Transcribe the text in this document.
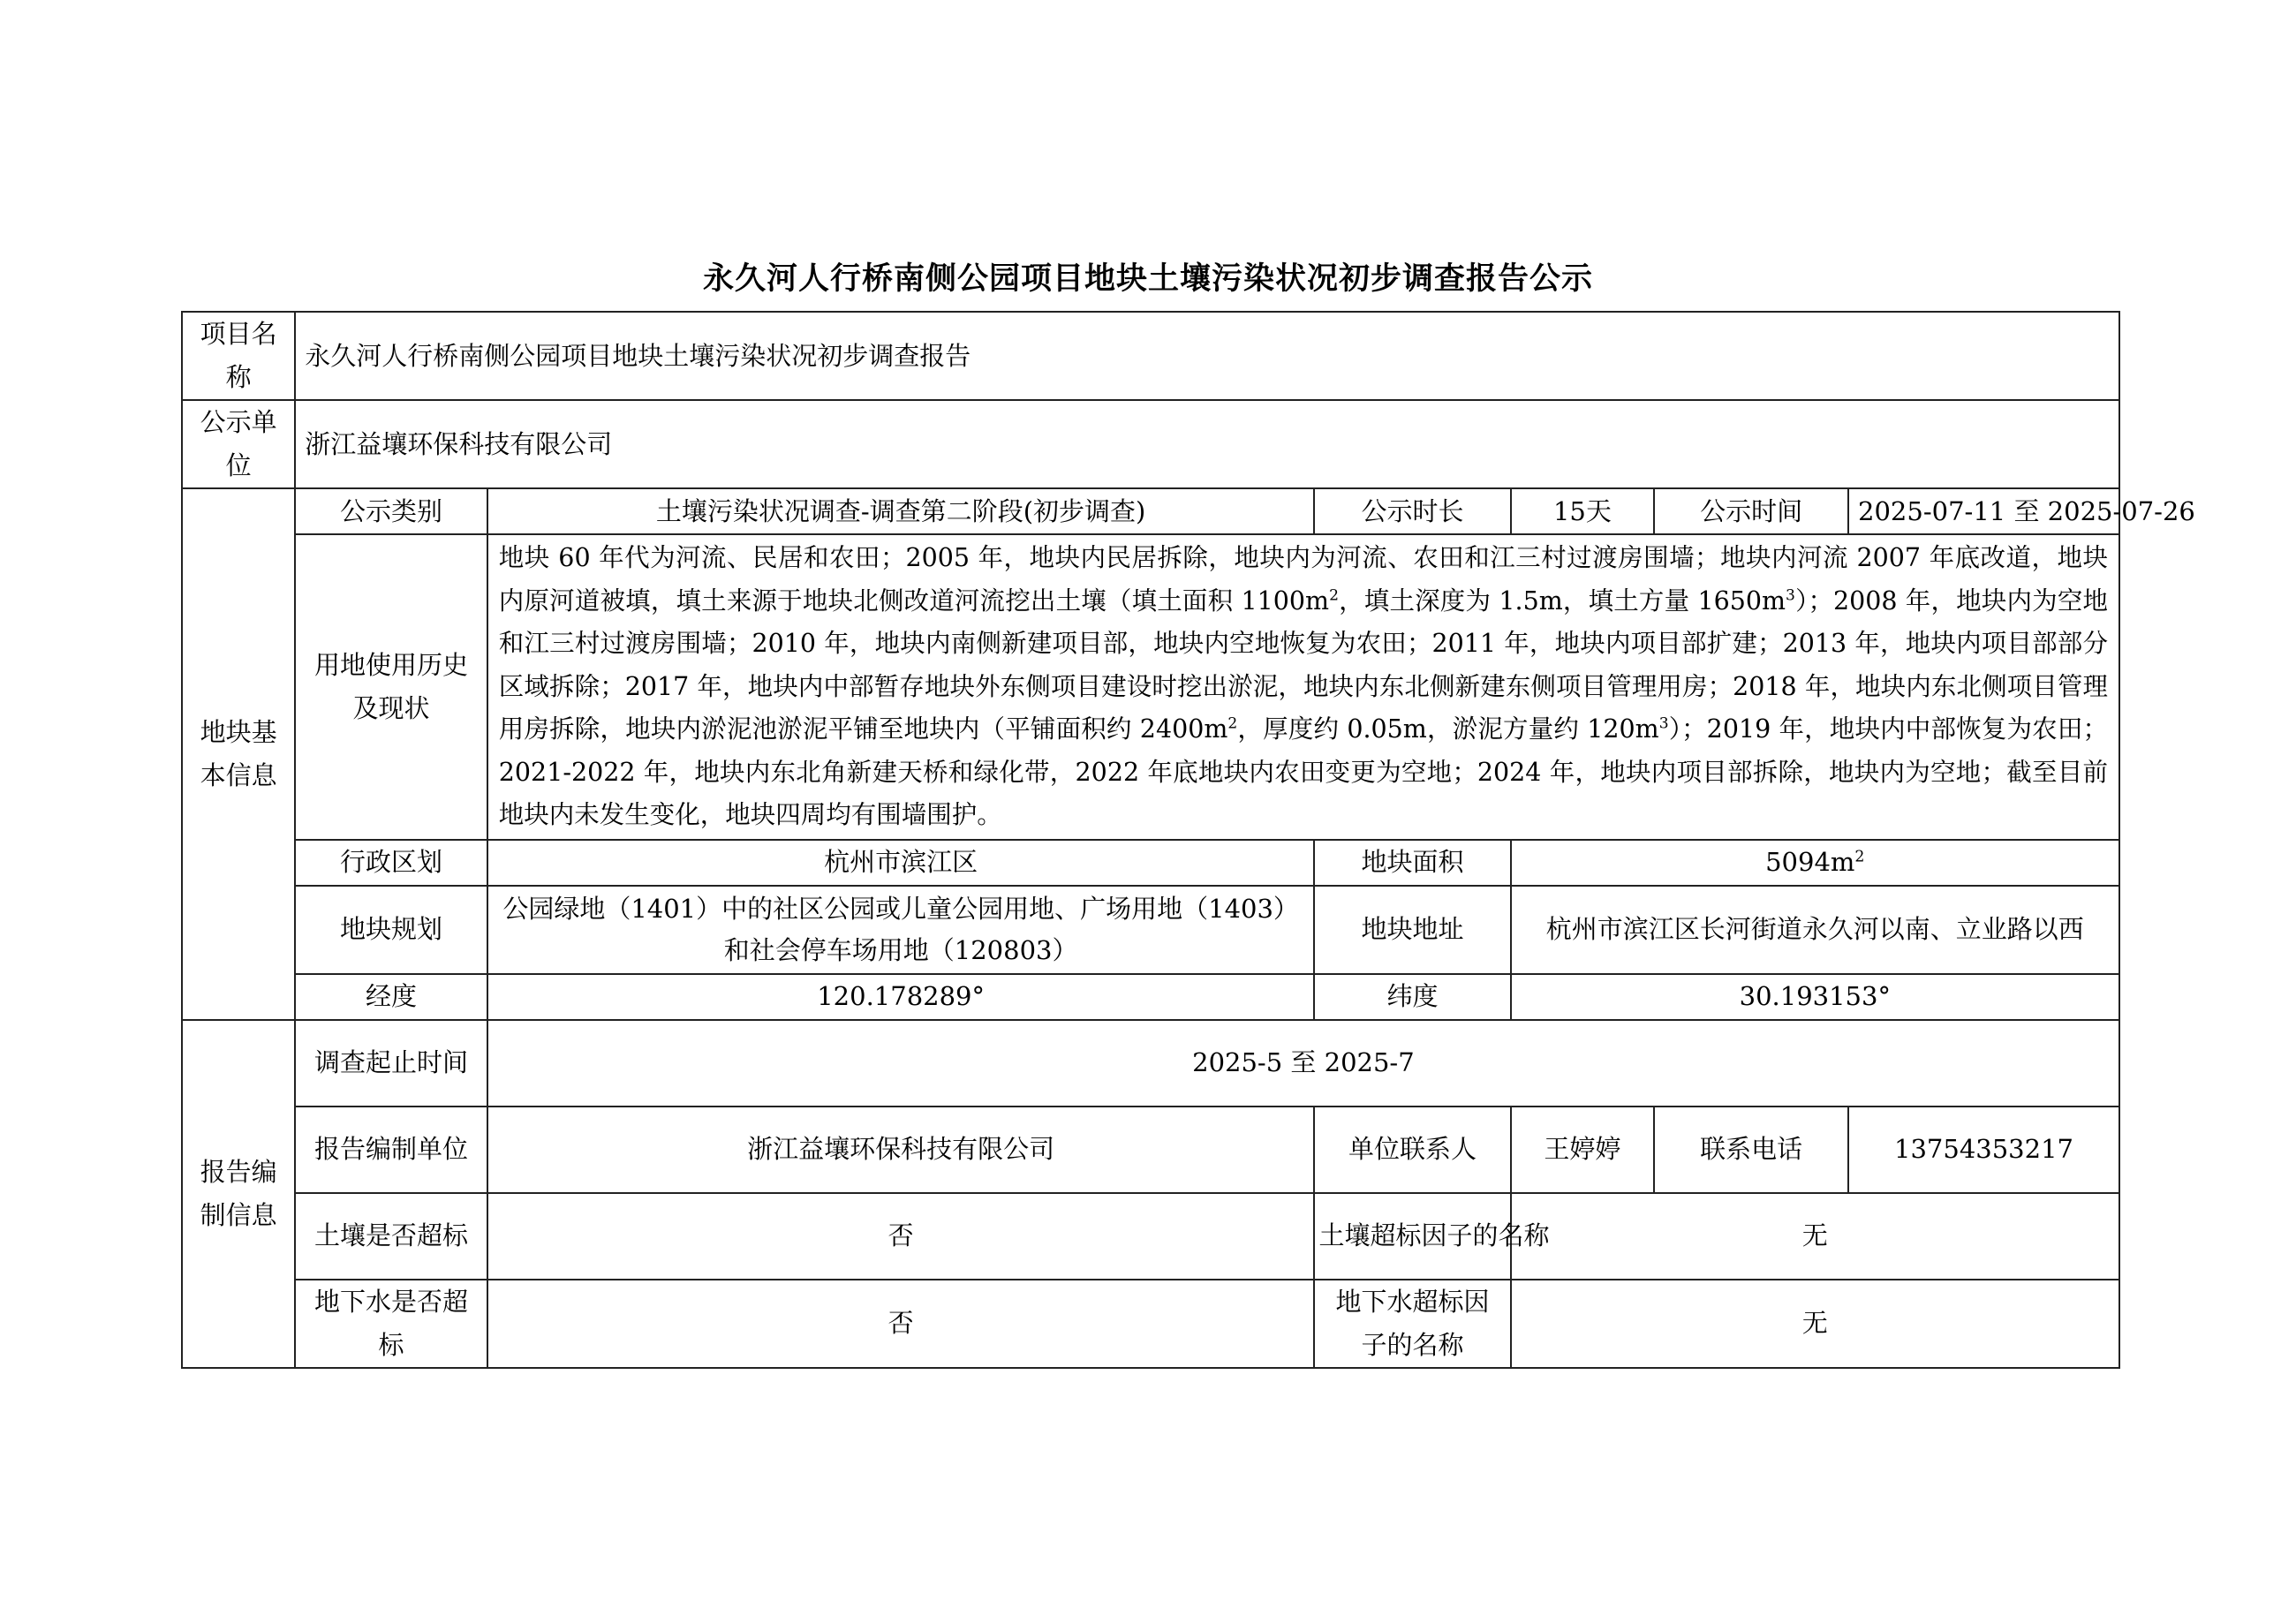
永久河人行桥南侧公园项目地块土壤污染状况初步调查报告公示
项目名称	永久河人行桥南侧公园项目地块土壤污染状况初步调查报告					
公示单位	浙江益壤环保科技有限公司					
地块基本信息	公示类别	土壤污染状况调查-调查第二阶段(初步调查)	公示时长	15天	公示时间	2025-07-11 至 2025-07-26
	用地使用历史及现状	地块 60 年代为河流、民居和农田；2005 年，地块内民居拆除，地块内为河流、农田和江三村过渡房围墙；地块内河流 2007 年底改道，地块内原河道被填，填土来源于地块北侧改道河流挖出土壤（填土面积 $1100m^2$，填土深度为 1.5m，填土方量 $1650m^3$）；2008 年，地块内为空地和江三村过渡房围墙；2010 年，地块内南侧新建项目部，地块内空地恢复为农田；2011 年，地块内项目部扩建；2013 年，地块内项目部部分区域拆除；2017 年，地块内中部暂存地块外东侧项目建设时挖出淤泥，地块内东北侧新建东侧项目管理用房；2018 年，地块内东北侧项目管理用房拆除，地块内淤泥池淤泥平铺至地块内（平铺面积约 $2400m^2$，厚度约 0.05m，淤泥方量约 $120m^3$）；2019 年，地块内中部恢复为农田；2021-2022 年，地块内东北角新建天桥和绿化带，2022 年底地块内农田变更为空地；2024 年，地块内项目部拆除，地块内为空地；截至目前地块内未发生变化，地块四周均有围墙围护。				
	行政区划	杭州市滨江区	地块面积	$5094m^2$
	地块规划	公园绿地（1401）中的社区公园或儿童公园用地、广场用地（1403）和社会停车场用地（120803）	地块地址	杭州市滨江区长河街道永久河以南、立业路以西		
	经度	120.178289°	纬度	30.193153°		
报告编制信息	调查起止时间	2025-5 至 2025-7				
	报告编制单位	浙江益壤环保科技有限公司	单位联系人	王婷婷	联系电话	13754353217
	土壤是否超标	否	土壤超标因子的名称	无		
	地下水是否超标	否	地下水超标因子的名称	无		
